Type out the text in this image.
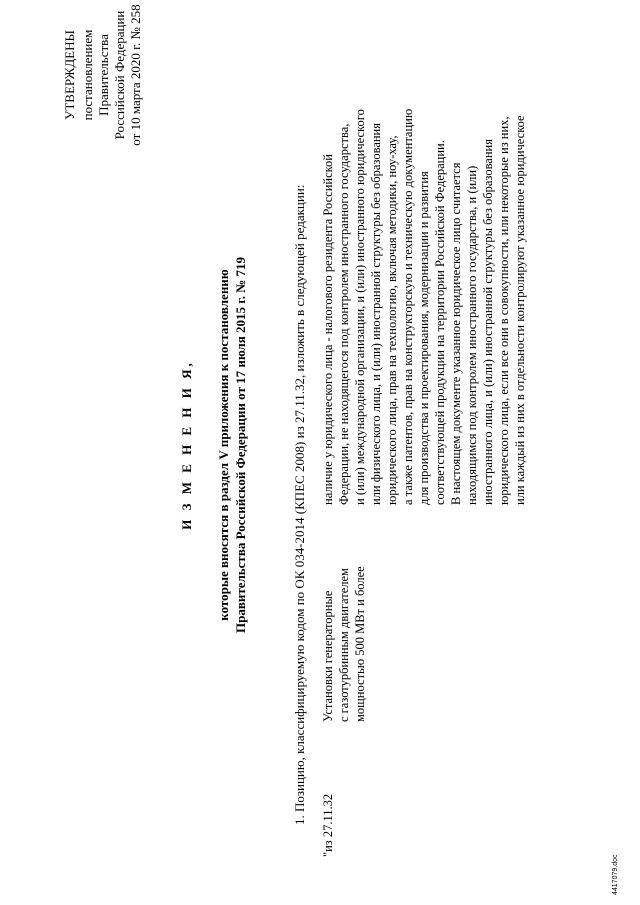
УТВЕРЖДЕНЫ постановлением Правительства Российской Федерации от 10 марта 2020 г. № 258
И З М Е Н Е Н И Я, которые вносятся в раздел V приложения к постановлению Правительства Российской Федерации от 17 июля 2015 г. № 719	1. Позицию, классифицируемую кодом по ОК 034-2014 (КПЕС 2008) из 27.11.32, изложить в следующей редакции:
"из 27.11.32
Установки генераторные с газотурбинным двигателем мощностью 500 МВт и более
наличие у юридического лица - налогового резидента Российской Федерации, не находящегося под контролем иностранного государства, и (или) международной организации, и (или) иностранного юридического или физического лица, и (или) иностранной структуры без образования юридического лица, прав на технологию, включая методики, ноу-хау, а также патентов, прав на конструкторскую и техническую документацию для производства и проектирования, модернизации и развития соответствующей продукции на территории Российской Федерации. В настоящем документе указанное юридическое лицо считается находящимся под контролем иностранного государства, и (или) иностранного лица, и (или) иностранной структуры без образования юридического лица, если все они в совокупности, или некоторые из них, или каждый из них в отдельности контролируют указанное юридическое
4417079.doc
